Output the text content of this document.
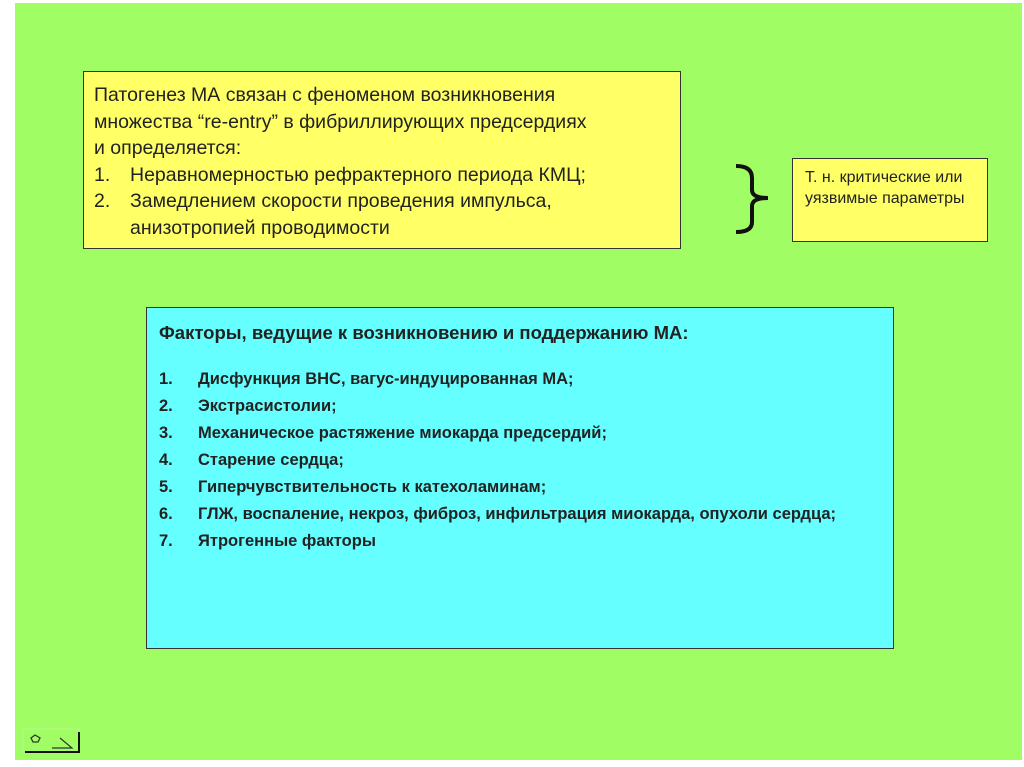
Патогенез МА связан с феноменом возникновения
множества “re-entry” в фибриллирующих предсердиях
и определяется:
1.	Неравномерностью рефрактерного периода КМЦ;
2.	Замедлением скорости проведения импульса, анизотропией проводимости
Т. н. критические или уязвимые параметры
Факторы, ведущие к возникновению и поддержанию МА:
1.	Дисфункция ВНС, вагус-индуцированная МА;
2.	Экстрасистолии;
3.	Механическое растяжение миокарда предсердий;
4.	Старение сердца;
5.	Гиперчувствительность к катехоламинам;
6.	ГЛЖ, воспаление, некроз, фиброз, инфильтрация миокарда, опухоли сердца;
7.	Ятрогенные факторы
